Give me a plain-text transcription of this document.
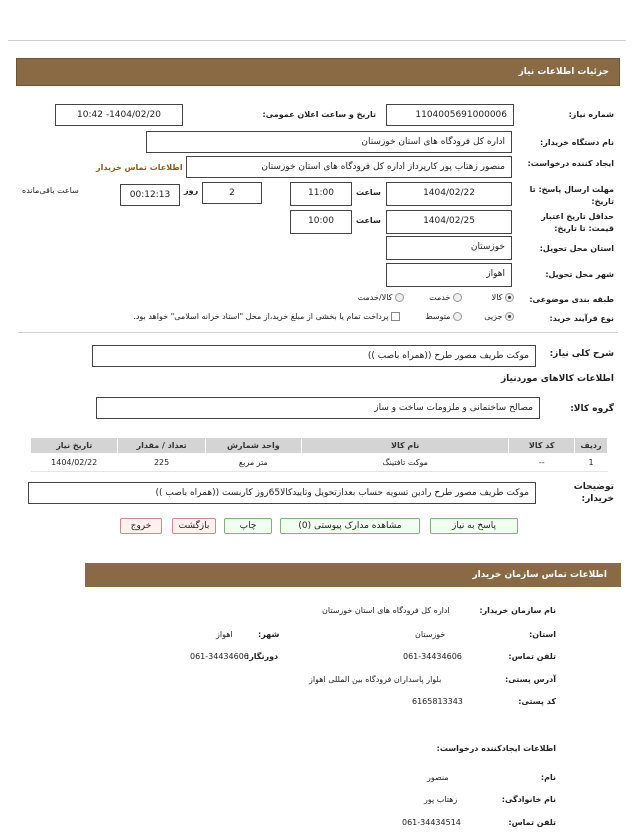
جزئیات اطلاعات نیاز
شماره نیاز:
1104005691000006
تاریخ و ساعت اعلان عمومی:
1404/02/20- 10:42
نام دستگاه خریدار:
اداره کل فرودگاه های استان خوزستان
ایجاد کننده درخواست:
منصور زهتاب پور کارپرداز اداره کل فرودگاه های استان خوزستان
اطلاعات تماس خریدار
مهلت ارسال پاسخ: تا تاریخ:
1404/02/22
ساعت
11:00
2
روز
00:12:13
ساعت باقی‌مانده
حداقل تاریخ اعتبار قیمت: تا تاریخ:
1404/02/25
ساعت
10:00
استان محل تحویل:
خوزستان
شهر محل تحویل:
اهواز
طبقه بندی موضوعی:
کالا
خدمت
کالا/خدمت
نوع فرآیند خرید:
جزیی
متوسط
پرداخت تمام یا بخشی از مبلغ خرید،از محل "اسناد خزانه اسلامی" خواهد بود.
شرح کلی نیاز:
موکت طریف مصور طرح ((همراه باصب ))
اطلاعات کالاهای موردنیاز
گروه کالا:
مصالح ساختمانی و ملزومات ساخت و ساز
ردیف	کد کالا	نام کالا	واحد شمارش	تعداد / مقدار	تاریخ نیاز
1	--	موکت تافتینگ	متر مربع	225	1404/02/22
توضیحات خریدار:
موکت طریف مصور طرح رادین تسویه حساب بعدازتحویل وتاییدکالا65روز کاربست ((همراه باصب ))
پاسخ به نیاز
مشاهده مدارک پیوستی (0)
چاپ
بازگشت
خروج
اطلاعات تماس سازمان خریدار
نام سازمان خریدار:
اداره کل فرودگاه های استان خوزستان
استان:
خوزستان
شهر:
اهواز
تلفن تماس:
061-34434606
دورنگار:
061-34434606
آدرس پستی:
بلوار پاسداران فرودگاه بین المللی اهواز
کد پستی:
6165813343
اطلاعات ایجادکننده درخواست:
نام:
منصور
نام خانوادگی:
زهتاب پور
تلفن تماس:
061-34434514
